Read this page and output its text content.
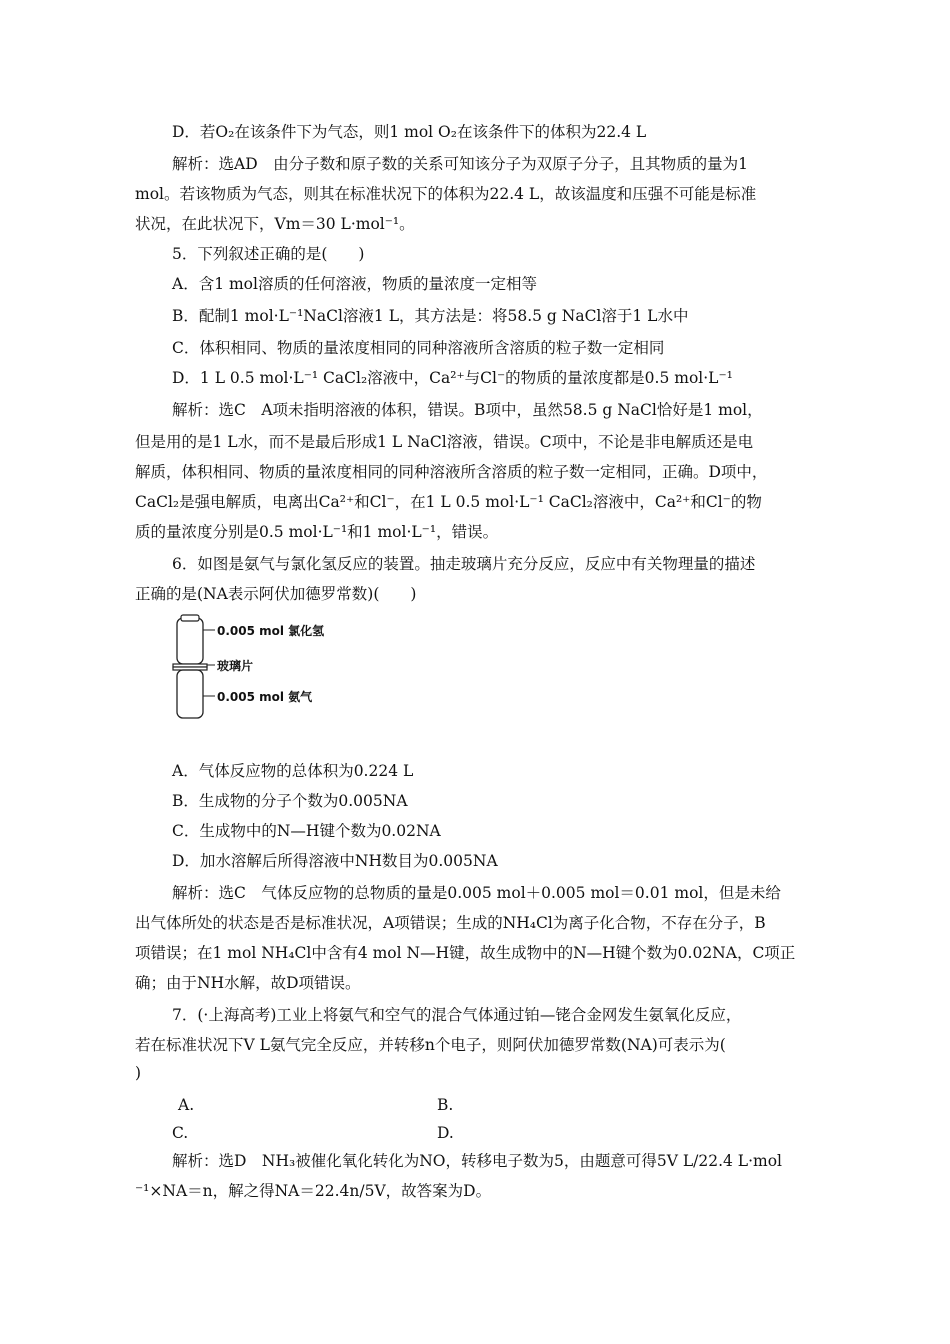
D．若O₂在该条件下为气态，则1 mol O₂在该条件下的体积为22.4 L
解析：选AD　由分子数和原子数的关系可知该分子为双原子分子，且其物质的量为1
mol。若该物质为气态，则其在标准状况下的体积为22.4 L，故该温度和压强不可能是标准
状况，在此状况下，Vm＝30 L·mol⁻¹。
5．下列叙述正确的是(　　)
A．含1 mol溶质的任何溶液，物质的量浓度一定相等
B．配制1 mol·L⁻¹NaCl溶液1 L，其方法是：将58.5 g NaCl溶于1 L水中
C．体积相同、物质的量浓度相同的同种溶液所含溶质的粒子数一定相同
D．1 L 0.5 mol·L⁻¹ CaCl₂溶液中，Ca²⁺与Cl⁻的物质的量浓度都是0.5 mol·L⁻¹
解析：选C　A项未指明溶液的体积，错误。B项中，虽然58.5 g NaCl恰好是1 mol，
但是用的是1 L水，而不是最后形成1 L NaCl溶液，错误。C项中，不论是非电解质还是电
解质，体积相同、物质的量浓度相同的同种溶液所含溶质的粒子数一定相同，正确。D项中，
CaCl₂是强电解质，电离出Ca²⁺和Cl⁻，在1 L 0.5 mol·L⁻¹ CaCl₂溶液中，Ca²⁺和Cl⁻的物
质的量浓度分别是0.5 mol·L⁻¹和1 mol·L⁻¹，错误。
6．如图是氨气与氯化氢反应的装置。抽走玻璃片充分反应，反应中有关物理量的描述
正确的是(NA表示阿伏加德罗常数)(　　)
0.005 mol 氯化氢
玻璃片
0.005 mol 氨气
A．气体反应物的总体积为0.224 L
B．生成物的分子个数为0.005NA
C．生成物中的N—H键个数为0.02NA
D．加水溶解后所得溶液中NH数目为0.005NA
解析：选C　气体反应物的总物质的量是0.005 mol＋0.005 mol＝0.01 mol，但是未给
出气体所处的状态是否是标准状况，A项错误；生成的NH₄Cl为离子化合物，不存在分子，B
项错误；在1 mol NH₄Cl中含有4 mol N—H键，故生成物中的N—H键个数为0.02NA，C项正
确；由于NH水解，故D项错误。
7．(·上海高考)工业上将氨气和空气的混合气体通过铂—铑合金网发生氨氧化反应，
若在标准状况下V L氨气完全反应，并转移n个电子，则阿伏加德罗常数(NA)可表示为(
)
A.	B.
C.	D.
解析：选D　NH₃被催化氧化转化为NO，转移电子数为5，由题意可得5V L/22.4 L·mol
⁻¹×NA＝n，解之得NA＝22.4n/5V，故答案为D。
